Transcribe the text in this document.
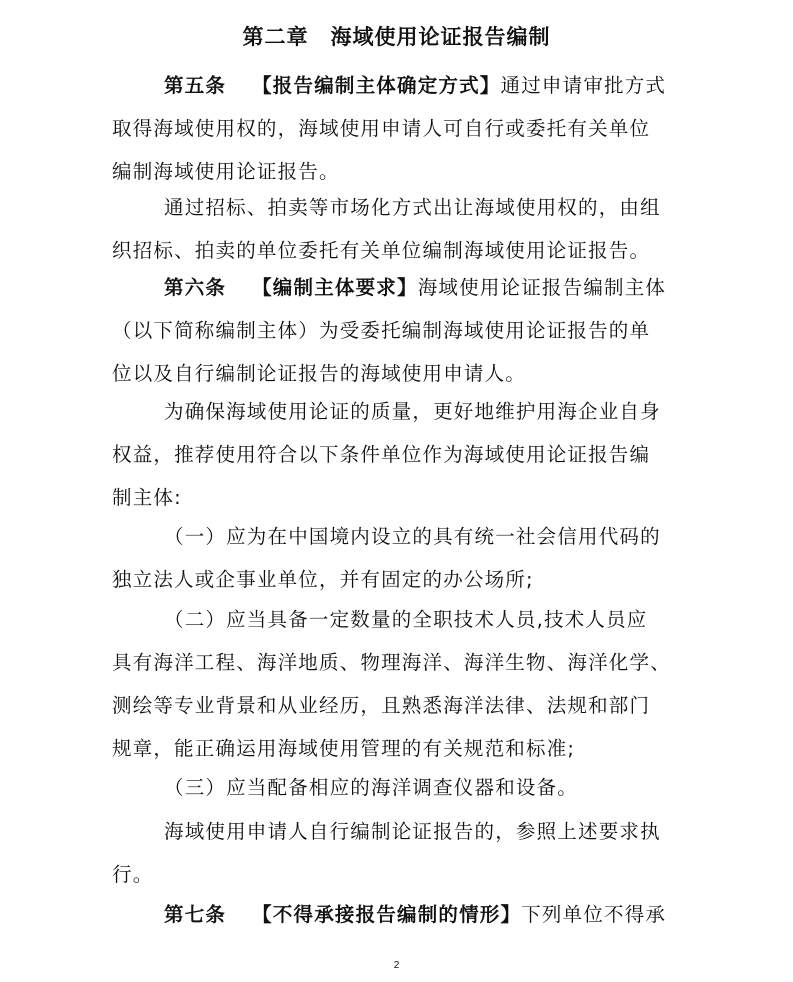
第二章　海域使用论证报告编制
第五条 【报告编制主体确定方式】通过申请审批方式
取得海域使用权的，海域使用申请人可自行或委托有关单位
编制海域使用论证报告。
通过招标、拍卖等市场化方式出让海域使用权的，由组
织招标、拍卖的单位委托有关单位编制海域使用论证报告。
第六条 【编制主体要求】海域使用论证报告编制主体
（以下简称编制主体）为受委托编制海域使用论证报告的单
位以及自行编制论证报告的海域使用申请人。
为确保海域使用论证的质量，更好地维护用海企业自身
权益，推荐使用符合以下条件单位作为海域使用论证报告编
制主体:
（一）应为在中国境内设立的具有统一社会信用代码的
独立法人或企事业单位，并有固定的办公场所;
（二）应当具备一定数量的全职技术人员,技术人员应
具有海洋工程、海洋地质、物理海洋、海洋生物、海洋化学、
测绘等专业背景和从业经历，且熟悉海洋法律、法规和部门
规章，能正确运用海域使用管理的有关规范和标准;
（三）应当配备相应的海洋调查仪器和设备。
海域使用申请人自行编制论证报告的，参照上述要求执
行。
第七条 【不得承接报告编制的情形】下列单位不得承
2
